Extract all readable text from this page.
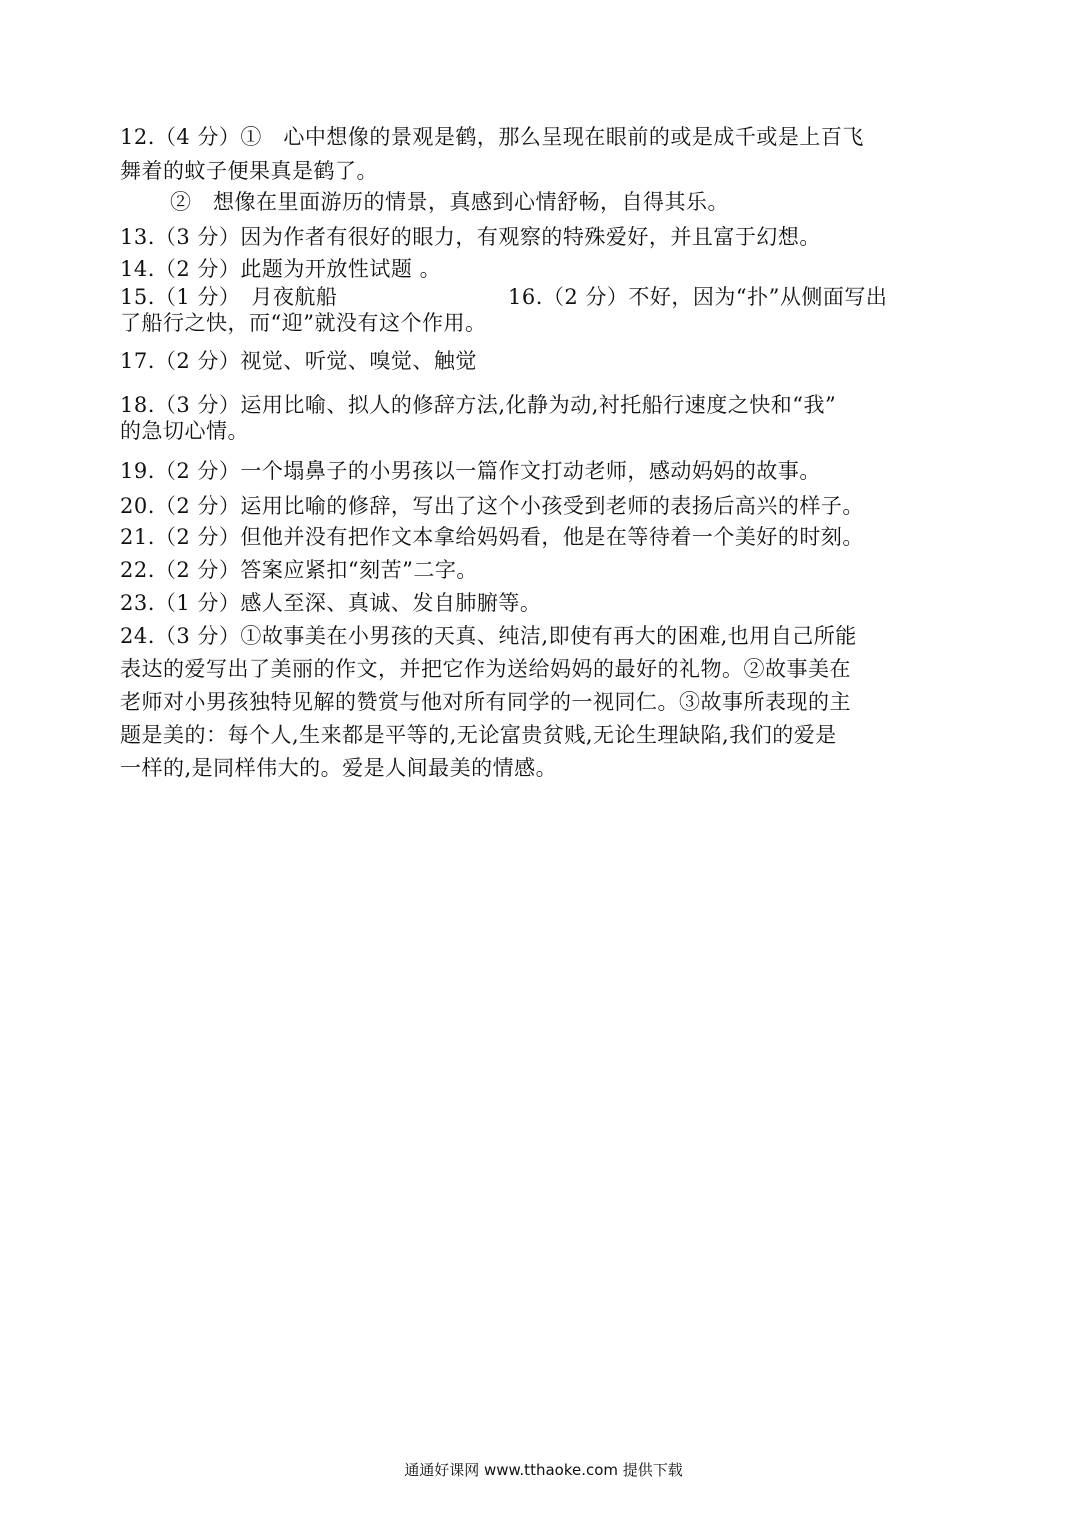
12.（4 分）①　心中想像的景观是鹤，那么呈现在眼前的或是成千或是上百飞
舞着的蚊子便果真是鹤了。
②　想像在里面游历的情景，真感到心情舒畅，自得其乐。
13.（3 分）因为作者有很好的眼力，有观察的特殊爱好，并且富于幻想。
14.（2 分）此题为开放性试题 。
15.（1 分）　月夜航船	16.（2 分）不好，因为“扑”从侧面写出
了船行之快，而“迎”就没有这个作用。
17.（2 分）视觉、听觉、嗅觉、触觉
18.（3 分）运用比喻、拟人的修辞方法,化静为动,衬托船行速度之快和“我”
的急切心情。
19.（2 分）一个塌鼻子的小男孩以一篇作文打动老师，感动妈妈的故事。
20.（2 分）运用比喻的修辞，写出了这个小孩受到老师的表扬后高兴的样子。
21.（2 分）但他并没有把作文本拿给妈妈看，他是在等待着一个美好的时刻。
22.（2 分）答案应紧扣“刻苦”二字。
23.（1 分）感人至深、真诚、发自肺腑等。
24.（3 分）①故事美在小男孩的天真、纯洁,即使有再大的困难,也用自己所能
表达的爱写出了美丽的作文，并把它作为送给妈妈的最好的礼物。②故事美在
老师对小男孩独特见解的赞赏与他对所有同学的一视同仁。③故事所表现的主
题是美的：每个人,生来都是平等的,无论富贵贫贱,无论生理缺陷,我们的爱是
一样的,是同样伟大的。爱是人间最美的情感。
通通好课网 www.tthaoke.com 提供下载
